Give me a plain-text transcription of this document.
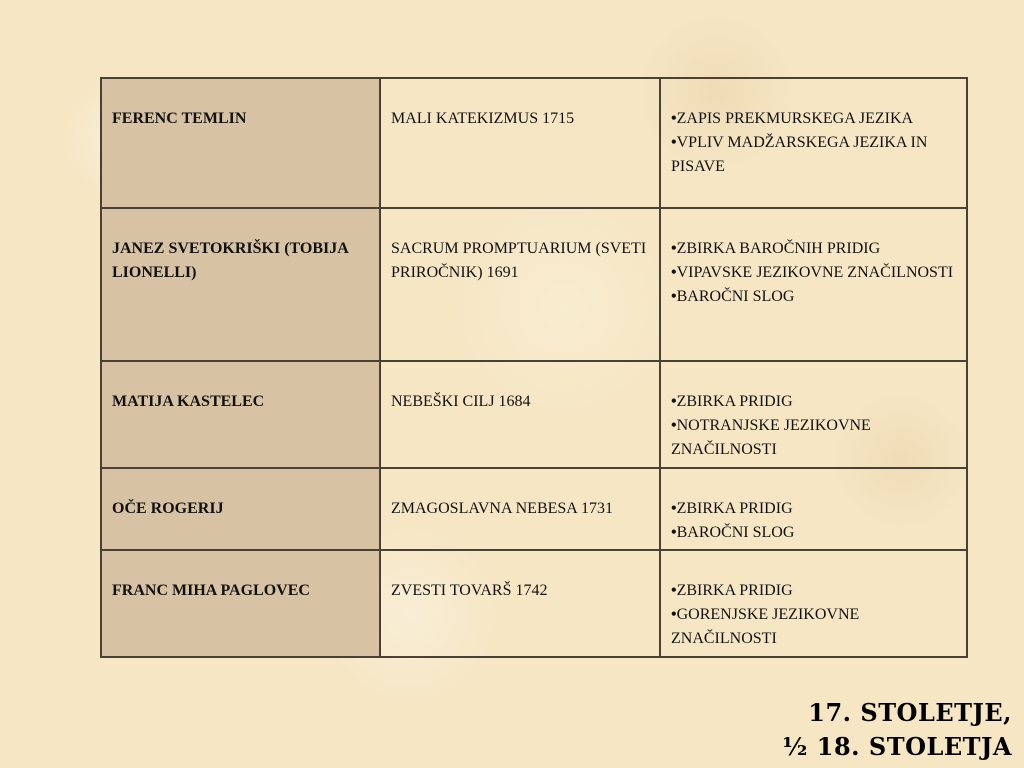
FERENC TEMLIN	MALI KATEKIZMUS 1715	•ZAPIS PREKMURSKEGA JEZIKA
•VPLIV MADŽARSKEGA JEZIKA IN PISAVE

JANEZ SVETOKRIŠKI (TOBIJA LIONELLI)	SACRUM PROMPTUARIUM (SVETI PRIROČNIK) 1691	•ZBIRKA BAROČNIH PRIDIG
•VIPAVSKE JEZIKOVNE ZNAČILNOSTI
•BAROČNI SLOG

MATIJA KASTELEC	NEBEŠKI CILJ 1684	•ZBIRKA PRIDIG
•NOTRANJSKE JEZIKOVNE ZNAČILNOSTI

OČE ROGERIJ	ZMAGOSLAVNA NEBESA 1731	•ZBIRKA PRIDIG
•BAROČNI SLOG

FRANC MIHA PAGLOVEC	ZVESTI TOVARŠ 1742	•ZBIRKA PRIDIG
•GORENJSKE JEZIKOVNE ZNAČILNOSTI
17. STOLETJE,
½ 18. STOLETJA
